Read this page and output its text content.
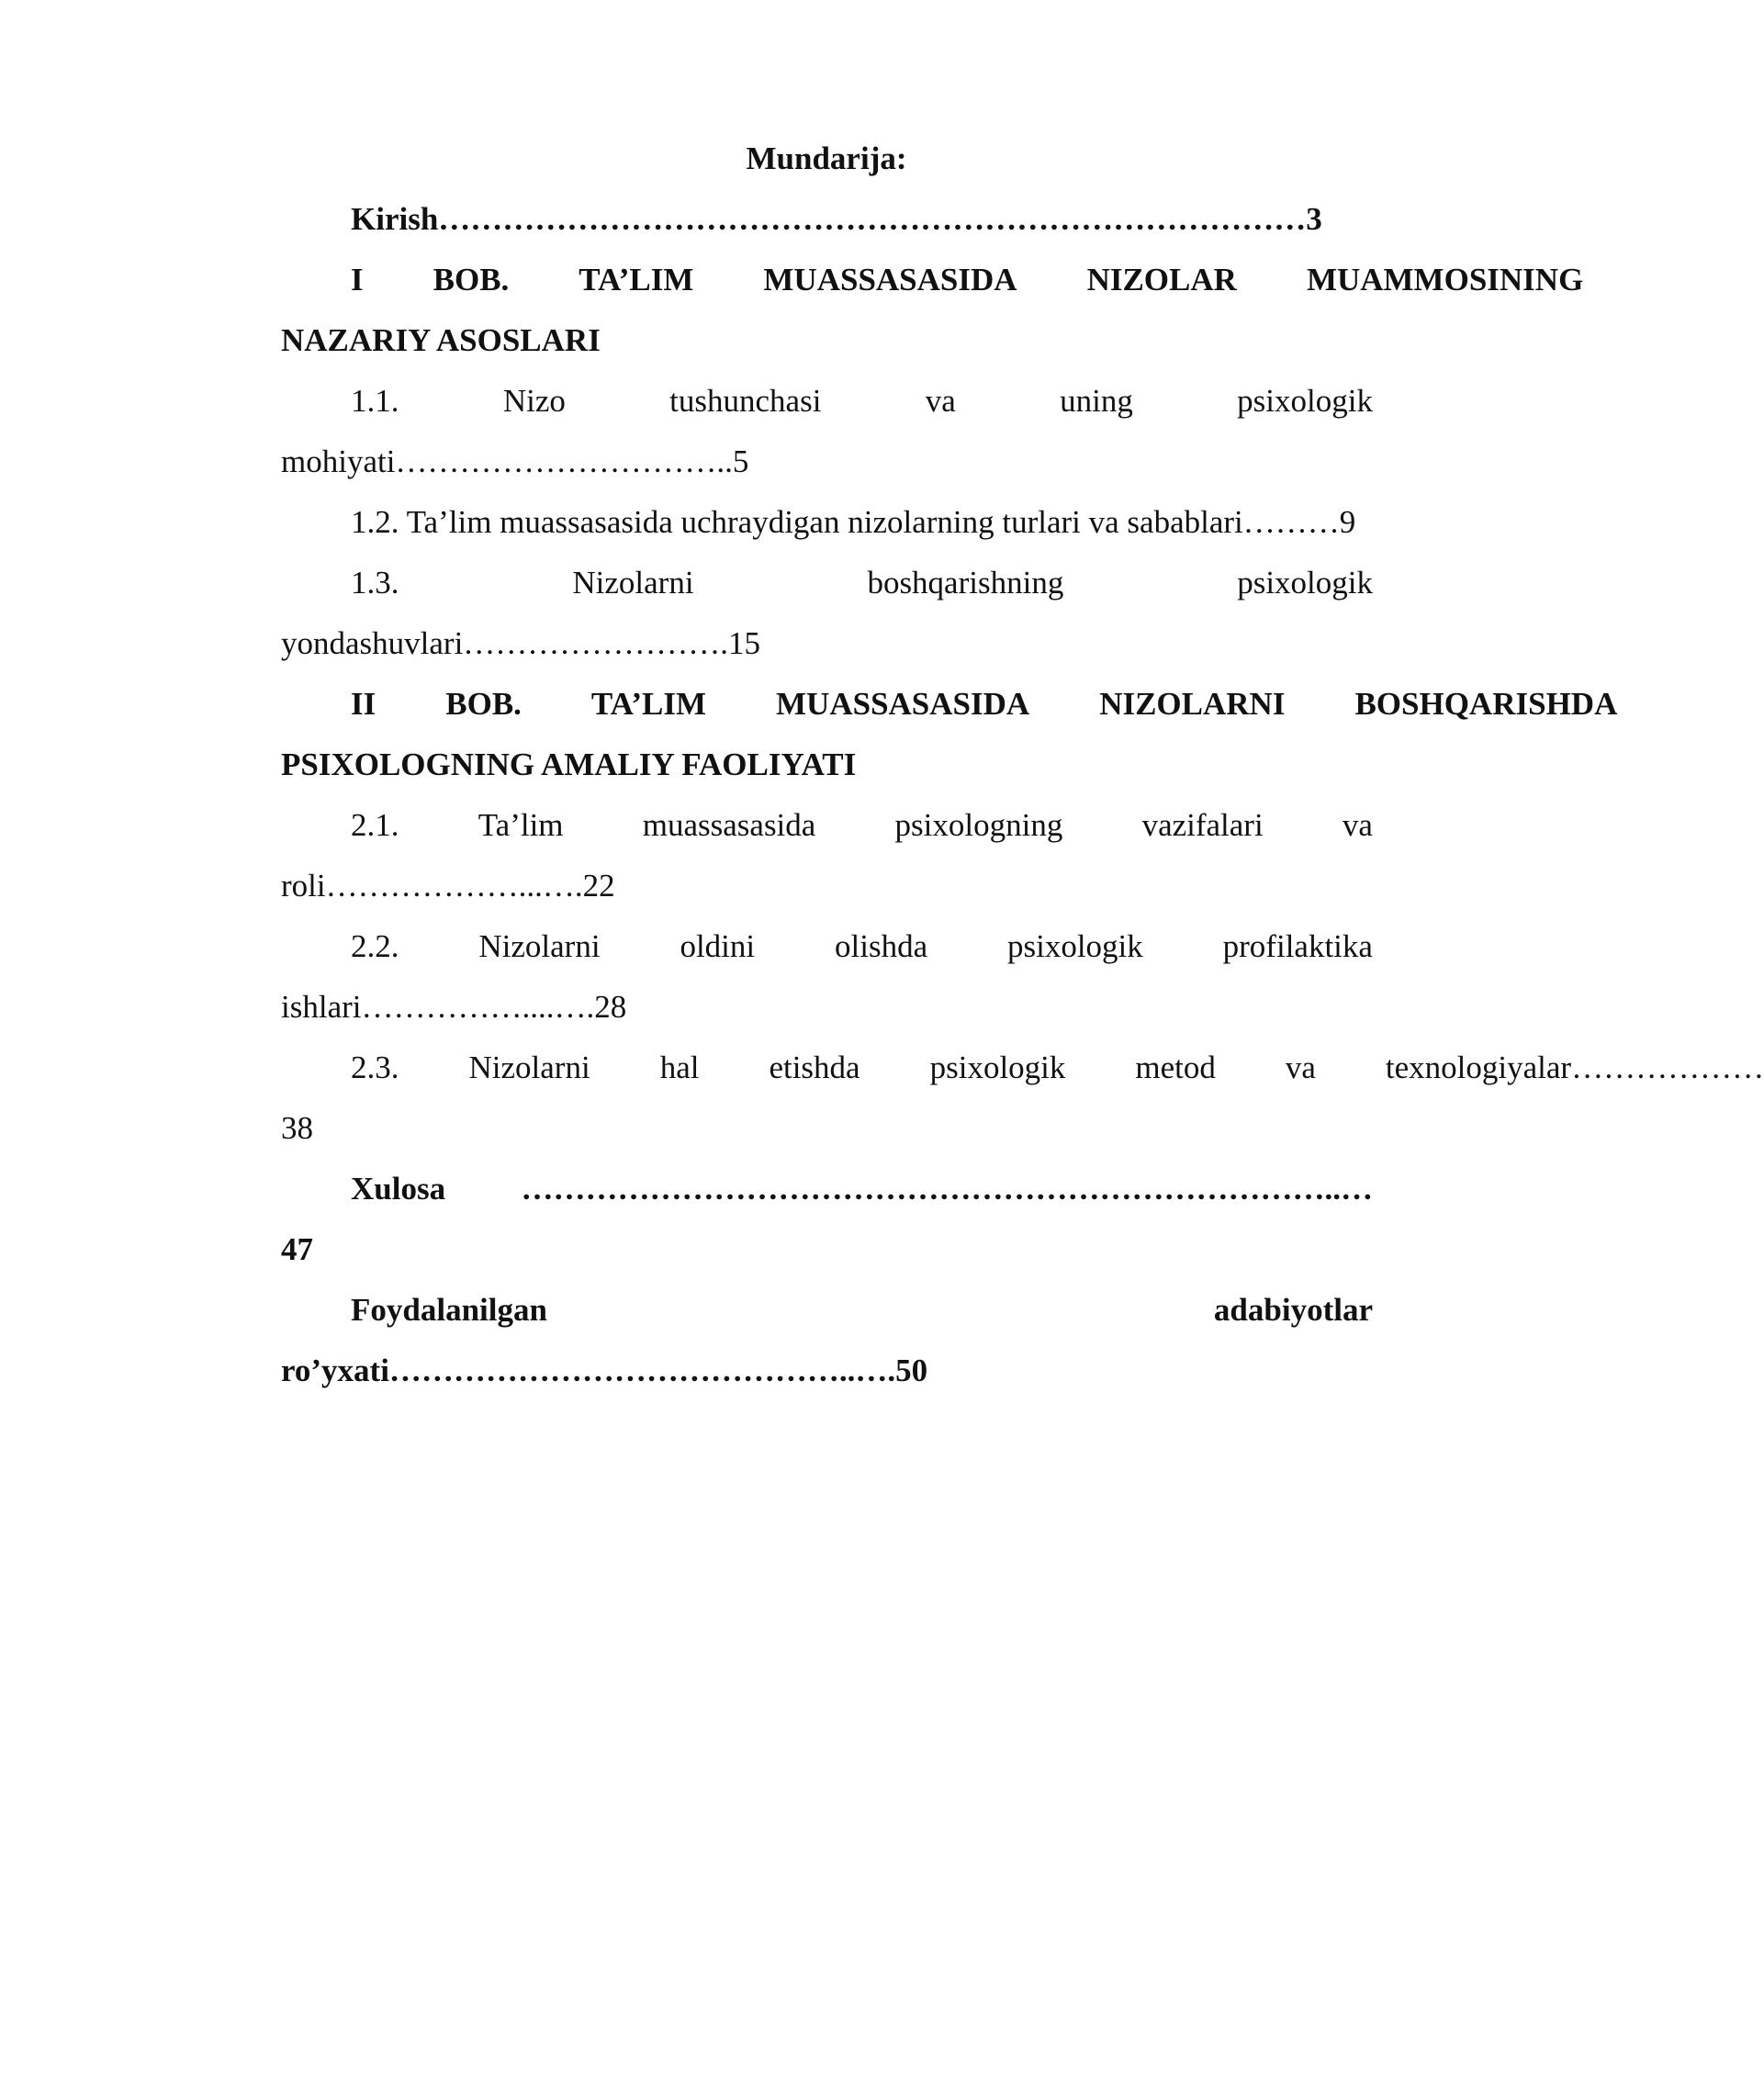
Mundarija:
Kirish………………………………………………………………………3
I	BOB.	TA’LIM	MUASSASASIDA	NIZOLAR	MUAMMOSINING
NAZARIY ASOSLARI
1.1.	Nizo	tushunchasi	va	uning	psixologik
mohiyati…………………………..5
1.2. Ta’lim muassasasida uchraydigan nizolarning turlari va sabablari………9
1.3.	Nizolarni	boshqarishning	psixologik
yondashuvlari…………………….15
II	BOB.	TA’LIM	MUASSASASIDA	NIZOLARNI	BOSHQARISHDA
PSIXOLOGNING AMALIY FAOLIYATI
2.1.	Ta’lim	muassasasida	psixologning	vazifalari	va
roli………………...….22
2.2.	Nizolarni	oldini	olishda	psixologik	profilaktika
ishlari……………....….28
2.3.	Nizolarni	hal	etishda	psixologik	metod	va	texnologiyalar………………
38
Xulosa	…………………………………………………………………..…
47
Foydalanilgan	adabiyotlar
ro’yxati……………………………………..….50
